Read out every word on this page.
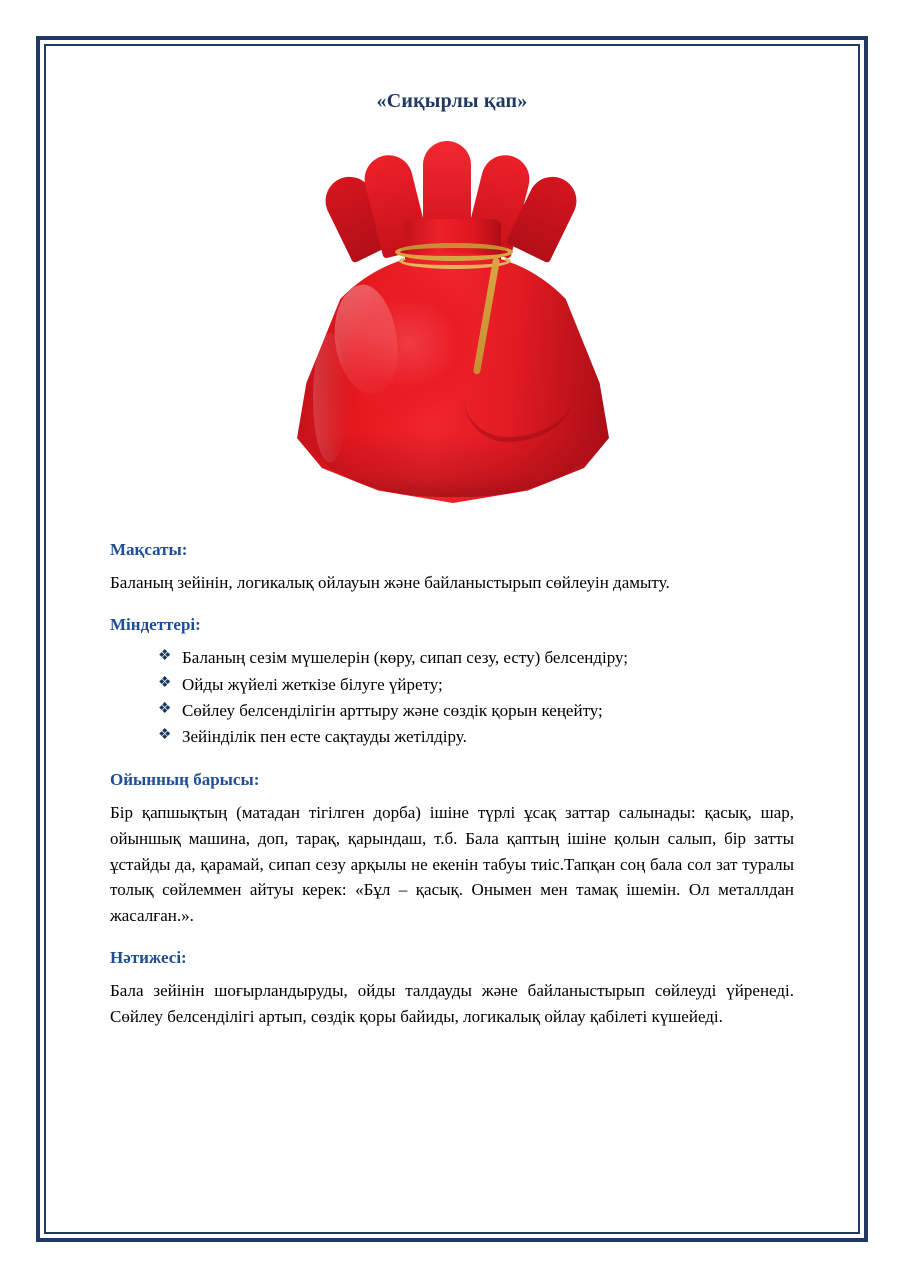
«Сиқырлы қап»
Мақсаты:

Баланың зейінін, логикалық ойлауын және байланыстырып сөйлеуін дамыту.

Міндеттері:
❖ Баланың сезім мүшелерін (көру, сипап сезу, есту) белсендіру;
❖ Ойды жүйелі жеткізе білуге үйрету;
❖ Сөйлеу белсенділігін арттыру және сөздік қорын кеңейту;
❖ Зейінділік пен есте сақтауды жетілдіру.
Ойынның барысы:

Бір қапшықтың (матадан тігілген дорба) ішіне түрлі ұсақ заттар салынады: қасық, шар, ойыншық машина, доп, тарақ, қарындаш, т.б. Бала қаптың ішіне қолын салып, бір затты ұстайды да, қарамай, сипап сезу арқылы не екенін табуы тиіс.Тапқан соң бала сол зат туралы толық сөйлеммен айтуы керек: «Бұл – қасық. Онымен мен тамақ ішемін. Ол металлдан жасалған.».

Нәтижесі:

Бала зейінін шоғырландыруды, ойды талдауды және байланыстырып сөйлеуді үйренеді. Сөйлеу белсенділігі артып, сөздік қоры байиды, логикалық ойлау қабілеті күшейеді.
